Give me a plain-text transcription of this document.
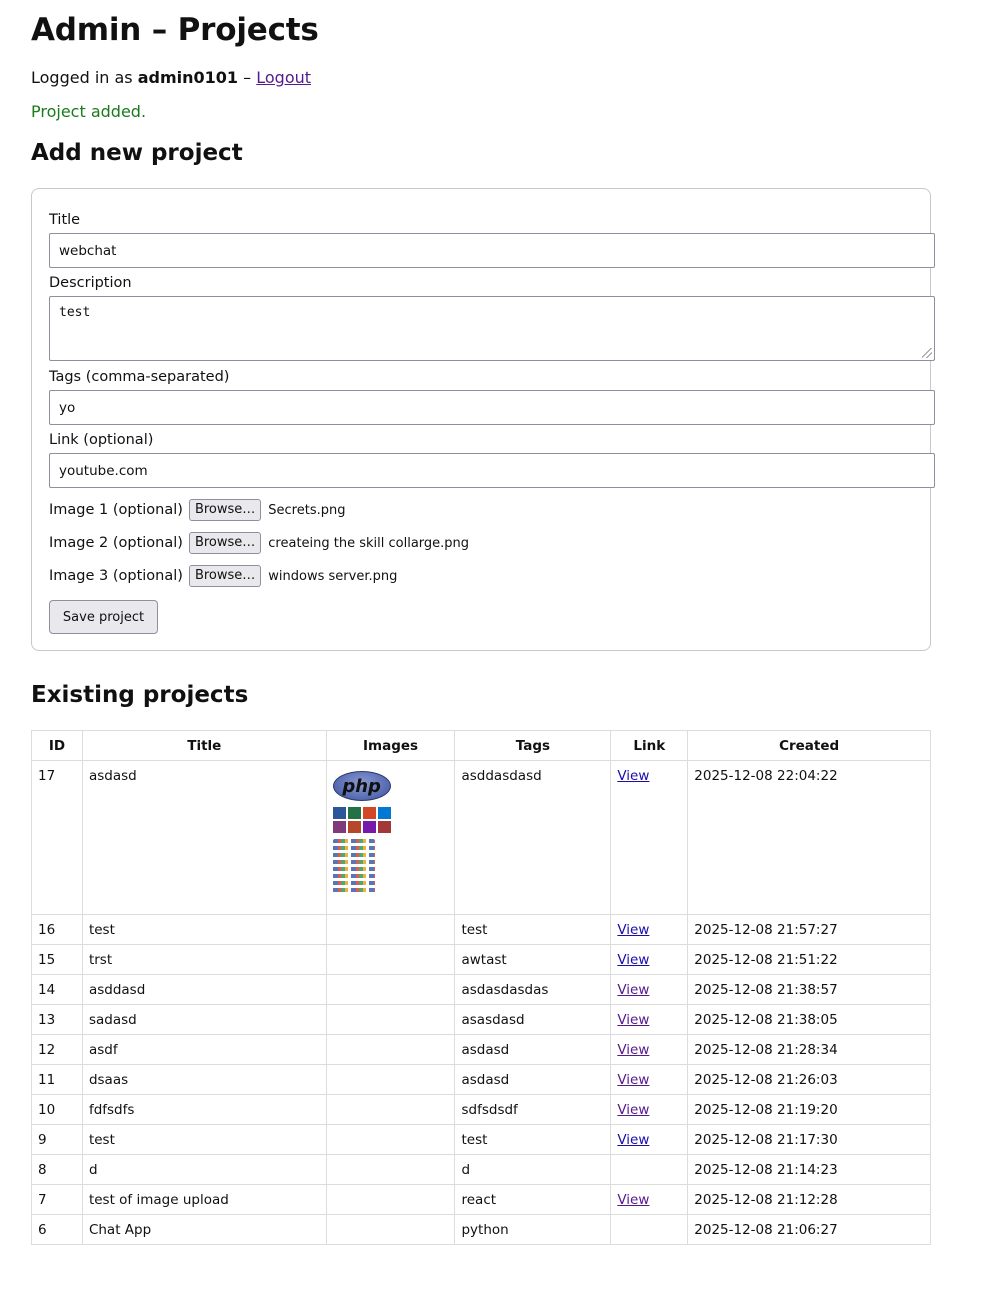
Admin – Projects
Logged in as admin0101 – Logout
Project added.
Add new project
Title
webchat
Description
test
Tags (comma-separated)
yo
Link (optional)
youtube.com
Image 1 (optional) Browse…	Secrets.png
Image 2 (optional) Browse…	createing the skill collarge.png
Image 3 (optional) Browse…	windows server.png
Save project
Existing projects
ID	Title	Images	Tags	Link	Created
17	asdasd	php	asddasdasd	View	2025-12-08 22:04:22
16	test		test	View	2025-12-08 21:57:27
15	trst		awtast	View	2025-12-08 21:51:22
14	asddasd		asdasdasdas	View	2025-12-08 21:38:57
13	sadasd		asasdasd	View	2025-12-08 21:38:05
12	asdf		asdasd	View	2025-12-08 21:28:34
11	dsaas		asdasd	View	2025-12-08 21:26:03
10	fdfsdfs		sdfsdsdf	View	2025-12-08 21:19:20
9	test		test	View	2025-12-08 21:17:30
8	d		d		2025-12-08 21:14:23
7	test of image upload		react	View	2025-12-08 21:12:28
6	Chat App		python		2025-12-08 21:06:27
